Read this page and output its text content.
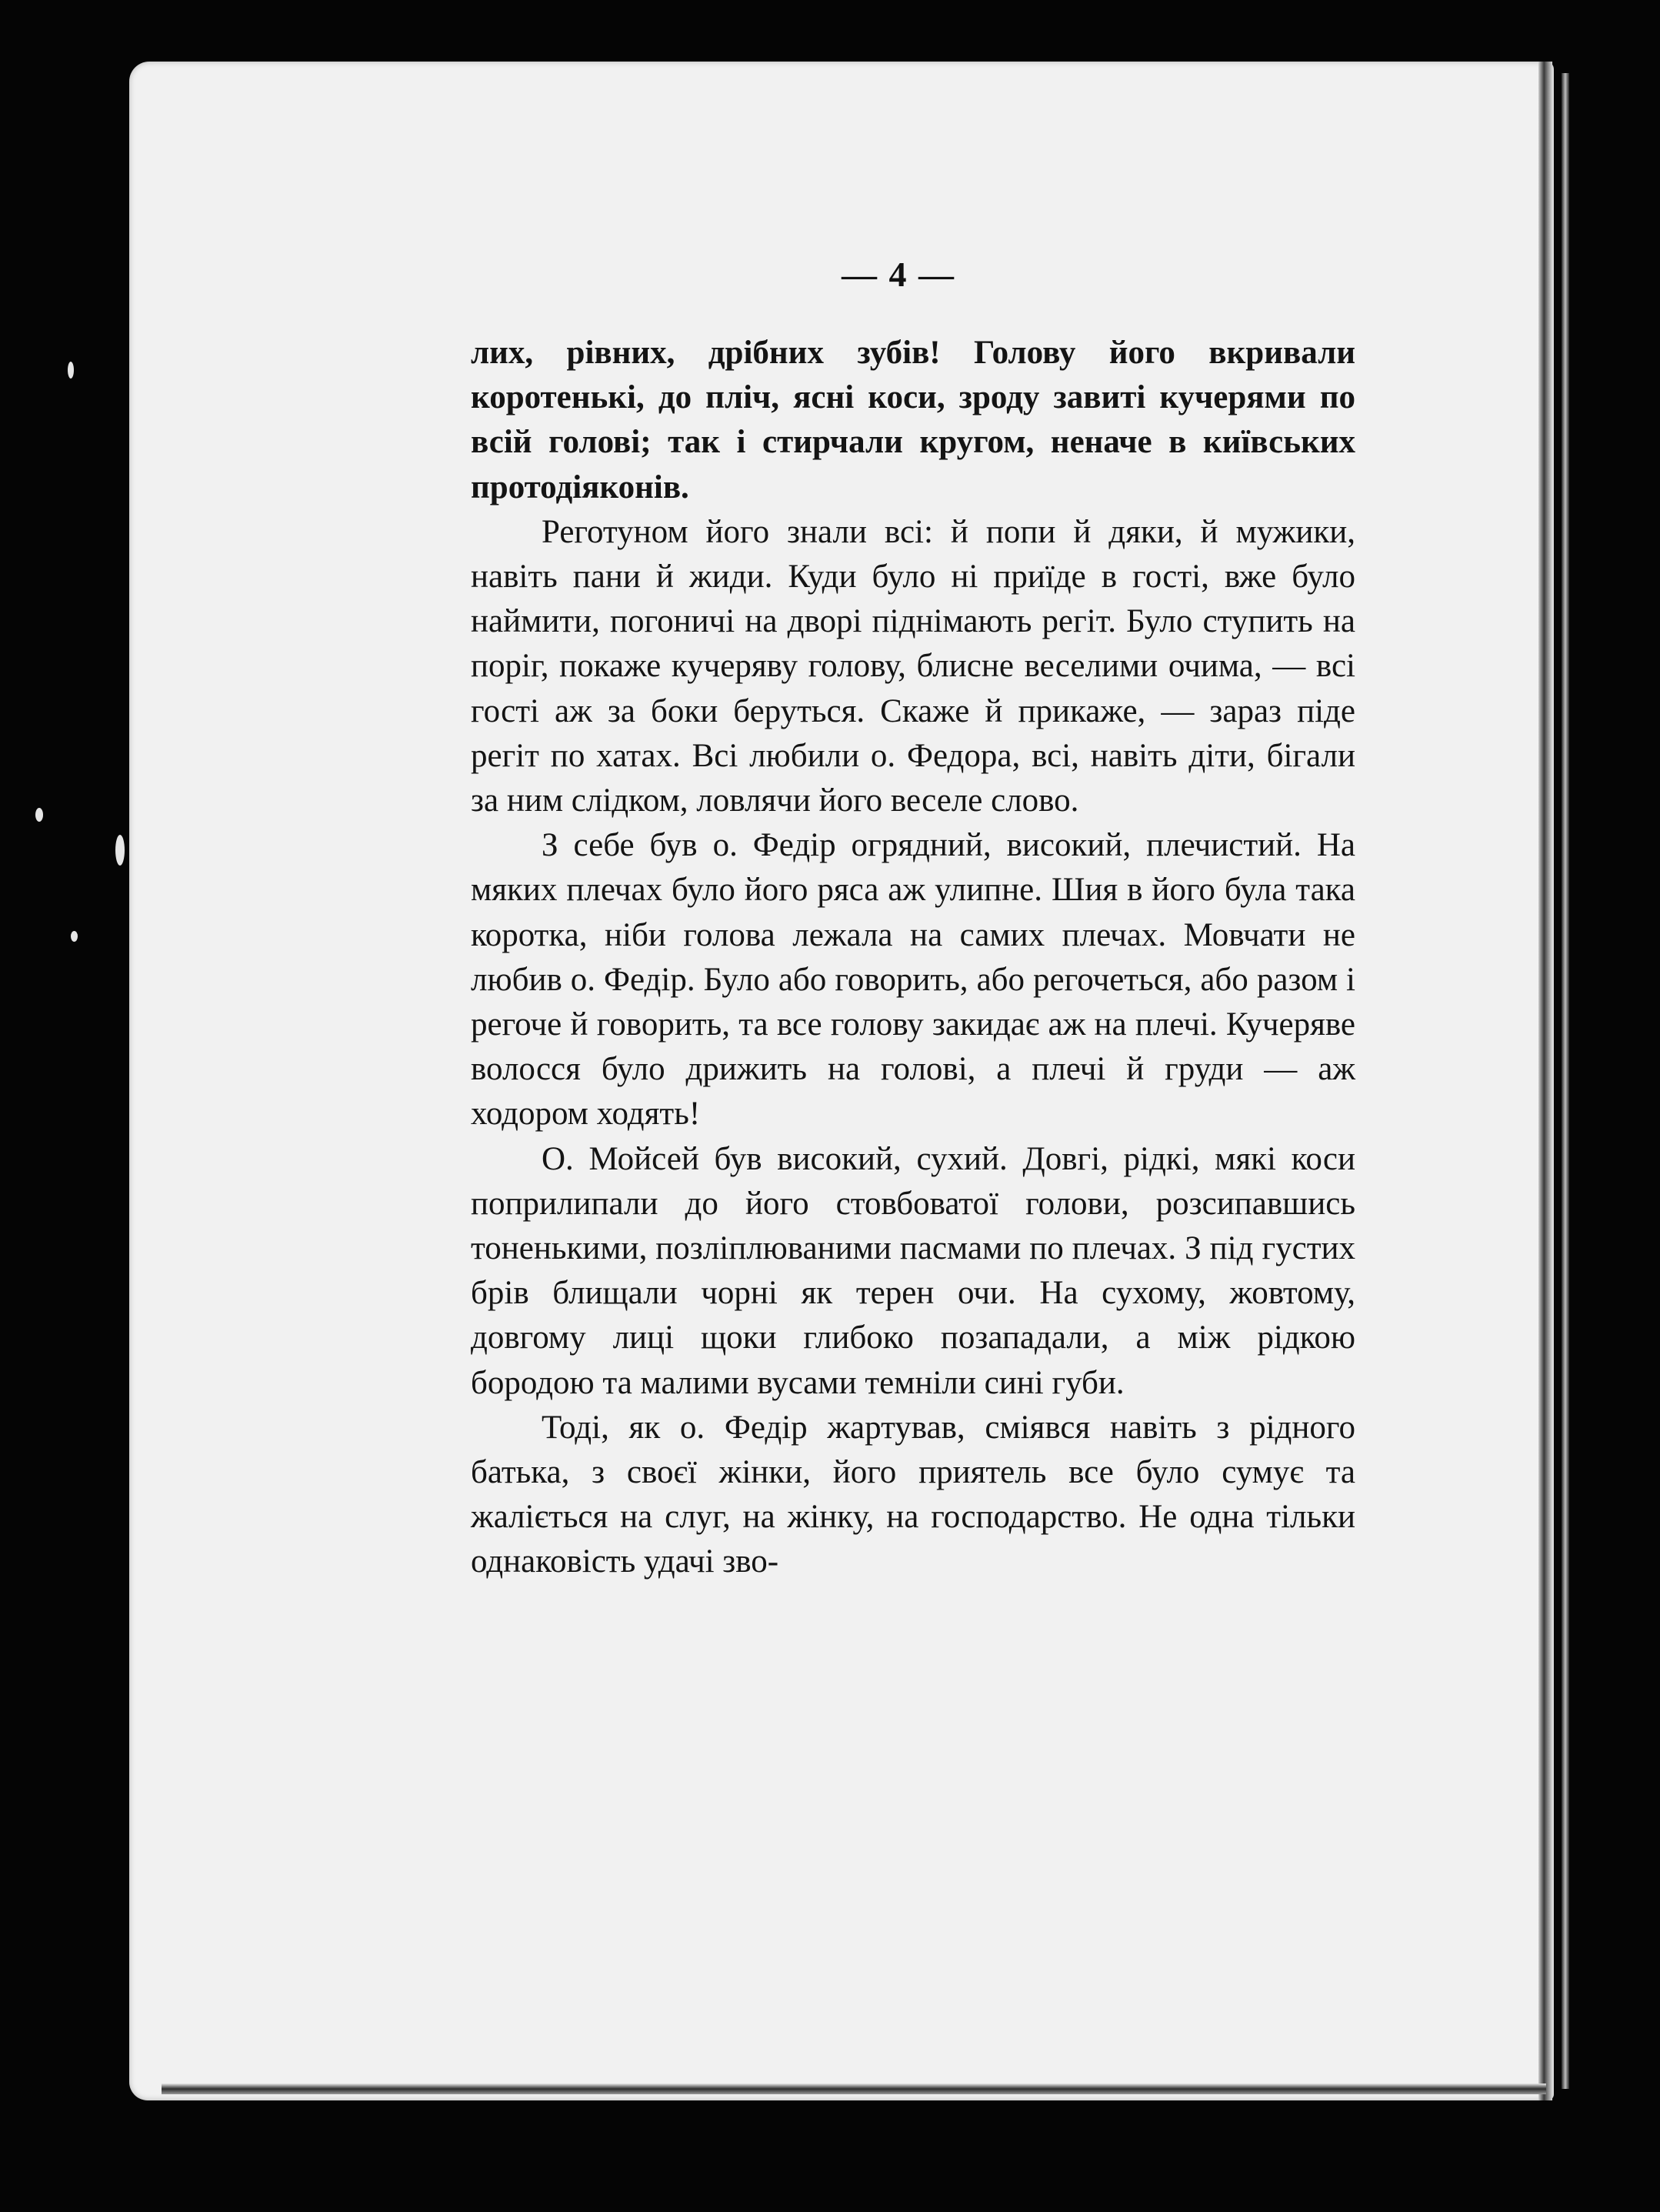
— 4 —

лих, рівних, дрібних зубів! Голову його вкривали коротенькі, до пліч, ясні коси, зроду завиті кучерями по всій голові; так і стирчали кругом, неначе в київських протодіяконів.

Реготуном його знали всі: й попи й дяки, й мужики, навіть пани й жиди. Куди було ні приїде в гості, вже було наймити, погоничі на дворі піднімають регіт. Було ступить на поріг, покаже кучеряву голову, блисне веселими очима, — всі гості аж за боки беруться. Скаже й прикаже, — зараз піде регіт по хатах. Всі любили о. Федора, всі, навіть діти, бігали за ним слідком, ловлячи його веселе слово.

З себе був о. Федір огрядний, високий, плечистий. На мяких плечах було його ряса аж улипне. Шия в його була така коротка, ніби голова лежала на самих плечах. Мовчати не любив о. Федір. Було або говорить, або регочеться, або разом і регоче й говорить, та все голову закидає аж на плечі. Кучеряве волосся було дрижить на голові, а плечі й груди — аж ходором ходять!

О. Мойсей був високий, сухий. Довгі, рідкі, мякі коси поприлипали до його стовбоватої голови, розсипавшись тоненькими, позліплюваними пасмами по плечах. З під густих брів блищали чорні як терен очи. На сухому, жовтому, довгому лиці щоки глибоко позападали, а між рідкою бородою та малими вусами темніли сині губи.

Тоді, як о. Федір жартував, сміявся навіть з рідного батька, з своєї жінки, його приятель все було сумує та жаліється на слуг, на жінку, на господарство. Не одна тільки однаковість удачі зво-
